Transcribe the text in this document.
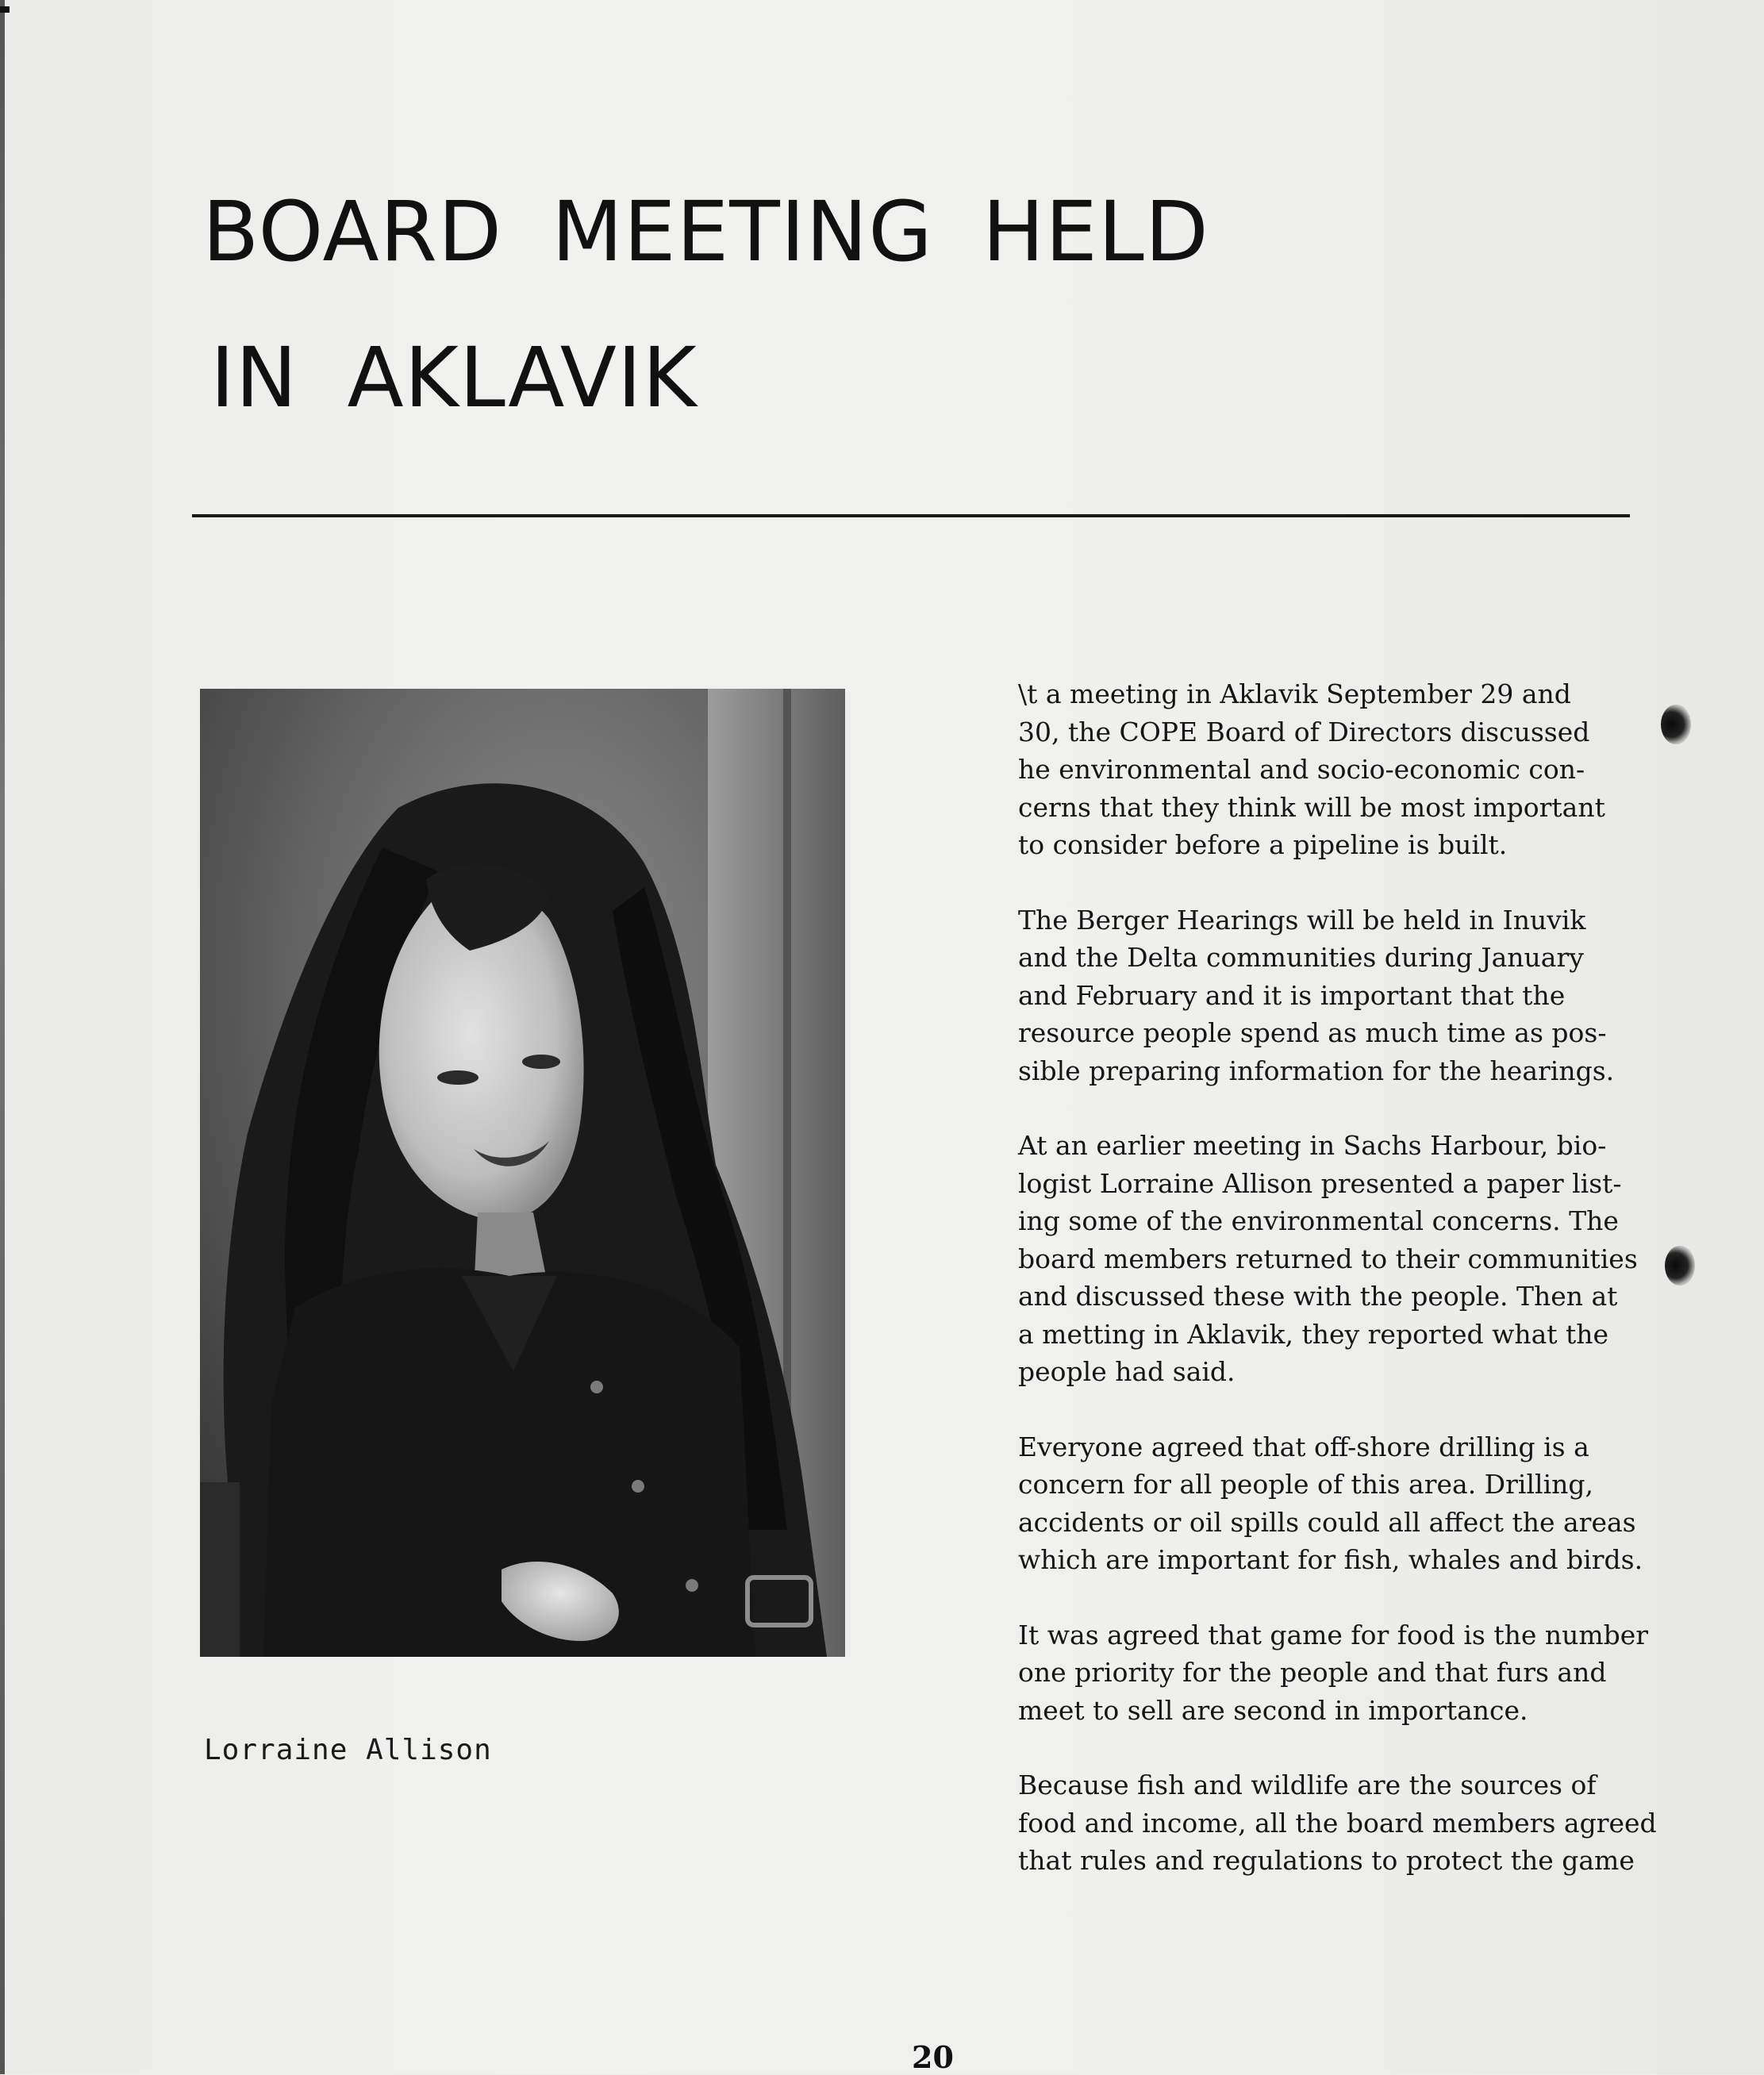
BOARD MEETING HELD
IN AKLAVIK
Lorraine Allison

\t a meeting in Aklavik September 29 and
30, the COPE Board of Directors discussed
he environmental and socio-economic con-
cerns that they think will be most important
to consider before a pipeline is built.

The Berger Hearings will be held in Inuvik
and the Delta communities during January
and February and it is important that the
resource people spend as much time as pos-
sible preparing information for the hearings.

At an earlier meeting in Sachs Harbour, bio-
logist Lorraine Allison presented a paper list-
ing some of the environmental concerns. The
board members returned to their communities
and discussed these with the people. Then at
a metting in Aklavik, they reported what the
people had said.

Everyone agreed that off-shore drilling is a
concern for all people of this area. Drilling,
accidents or oil spills could all affect the areas
which are important for fish, whales and birds.

It was agreed that game for food is the number
one priority for the people and that furs and
meet to sell are second in importance.

Because fish and wildlife are the sources of
food and income, all the board members agreed
that rules and regulations to protect the game

20
